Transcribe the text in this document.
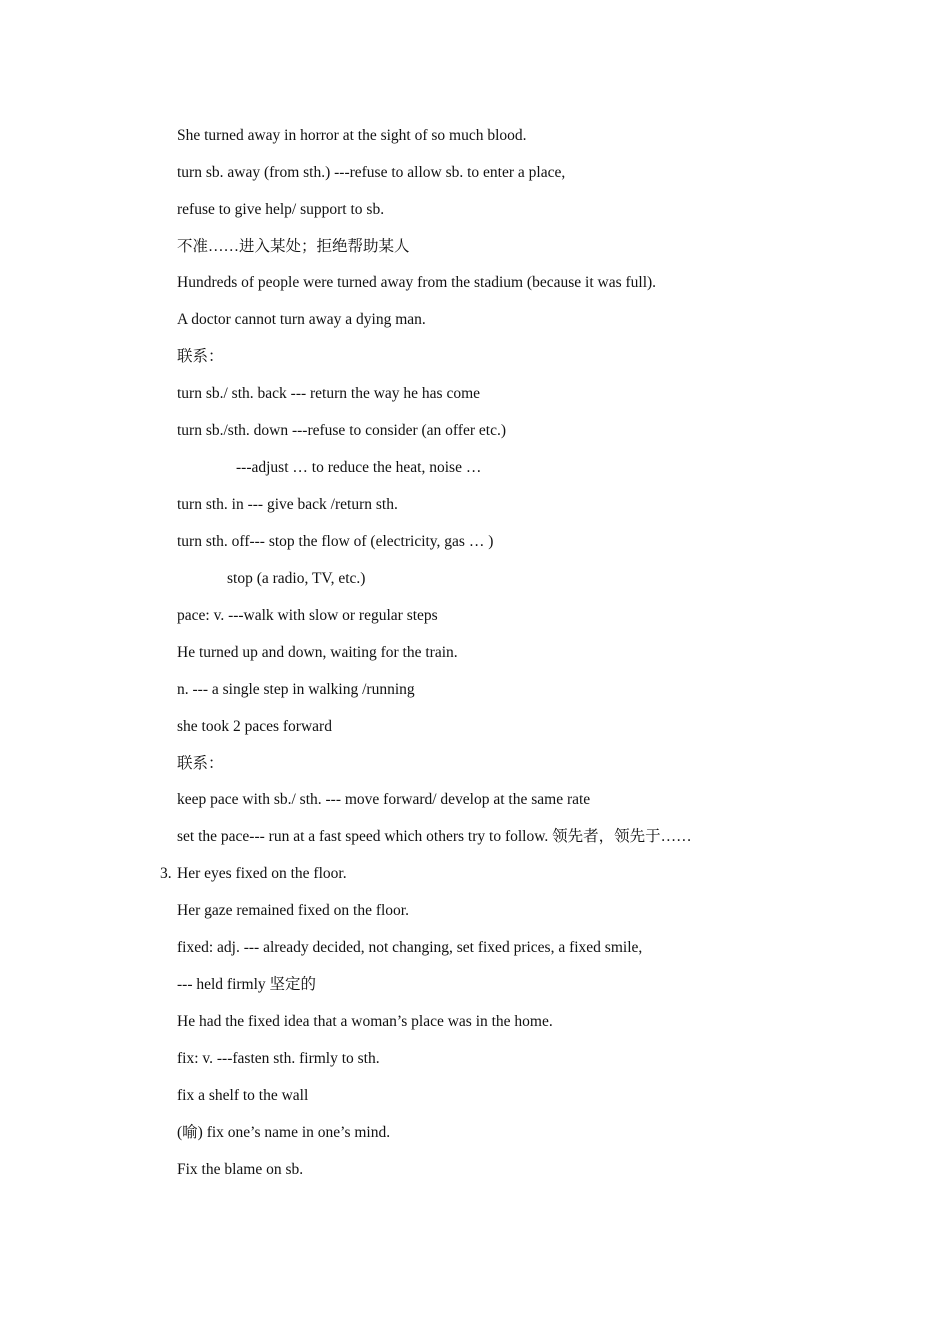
She turned away in horror at the sight of so much blood.
turn sb. away (from sth.) ---refuse to allow sb. to enter a place,
refuse to give help/ support to sb.
不准……进入某处；拒绝帮助某人
Hundreds of people were turned away from the stadium (because it was full).
A doctor cannot turn away a dying man.
联系：
turn sb./ sth. back --- return the way he has come
turn sb./sth. down ---refuse to consider (an offer etc.)
---adjust … to reduce the heat, noise …
turn sth. in --- give back /return sth.
turn sth. off--- stop the flow of (electricity, gas … )
stop (a radio, TV, etc.)
pace: v. ---walk with slow or regular steps
He turned up and down, waiting for the train.
n. --- a single step in walking /running
she took 2 paces forward
联系：
keep pace with sb./ sth. --- move forward/ develop at the same rate
set the pace--- run at a fast speed which others try to follow. 领先者，领先于……
3. Her eyes fixed on the floor.
Her gaze remained fixed on the floor.
fixed: adj. --- already decided, not changing, set fixed prices, a fixed smile,
--- held firmly 坚定的
He had the fixed idea that a woman’s place was in the home.
fix: v. ---fasten sth. firmly to sth.
fix a shelf to the wall
(喻) fix one’s name in one’s mind.
Fix the blame on sb.
